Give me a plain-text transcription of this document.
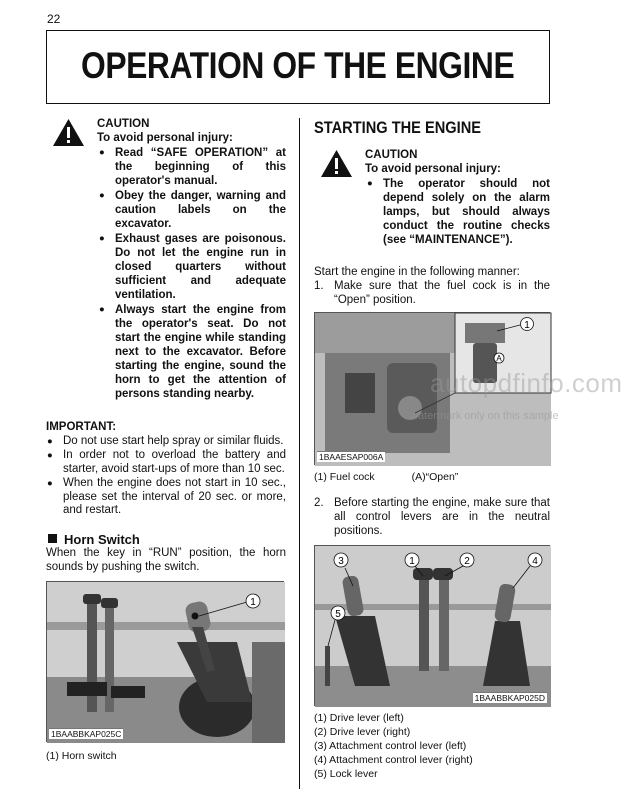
22
OPERATION OF THE ENGINE
CAUTION
To avoid personal injury:
● Read “SAFE OPERATION” at the beginning of this operator's manual.
● Obey the danger, warning and caution labels on the excavator.
● Exhaust gases are poisonous. Do not let the engine run in closed quarters without sufficient and adequate ventilation.
● Always start the engine from the operator's seat. Do not start the engine while standing next to the excavator. Before starting the engine, sound the horn to get the attention of persons standing nearby.
IMPORTANT:
● Do not use start help spray or similar fluids.
● In order not to overload the battery and starter, avoid start-ups of more than 10 sec.
● When the engine does not start in 10 sec., please set the interval of 20 sec. or more, and restart.
Horn Switch
When the key in “RUN” position, the horn sounds by pushing the switch.
1
1BAABBKAP025C
(1) Horn switch
STARTING THE ENGINE
CAUTION
To avoid personal injury:
● The operator should not depend solely on the alarm lamps, but should always conduct the routine checks (see “MAINTENANCE”).
Start the engine in the following manner:
1. Make sure that the fuel cock is in the “Open” position.
1
A
1BAAESAP006A
(1) Fuel cock	(A)“Open”
2. Before starting the engine, make sure that all control levers are in the neutral positions.
3	1	2	4
5
1BAABBKAP025D
(1) Drive lever (left)
(2) Drive lever (right)
(3) Attachment control lever (left)
(4) Attachment control lever (right)
(5) Lock lever
autopdfinfo.com
watermark only on this sample
